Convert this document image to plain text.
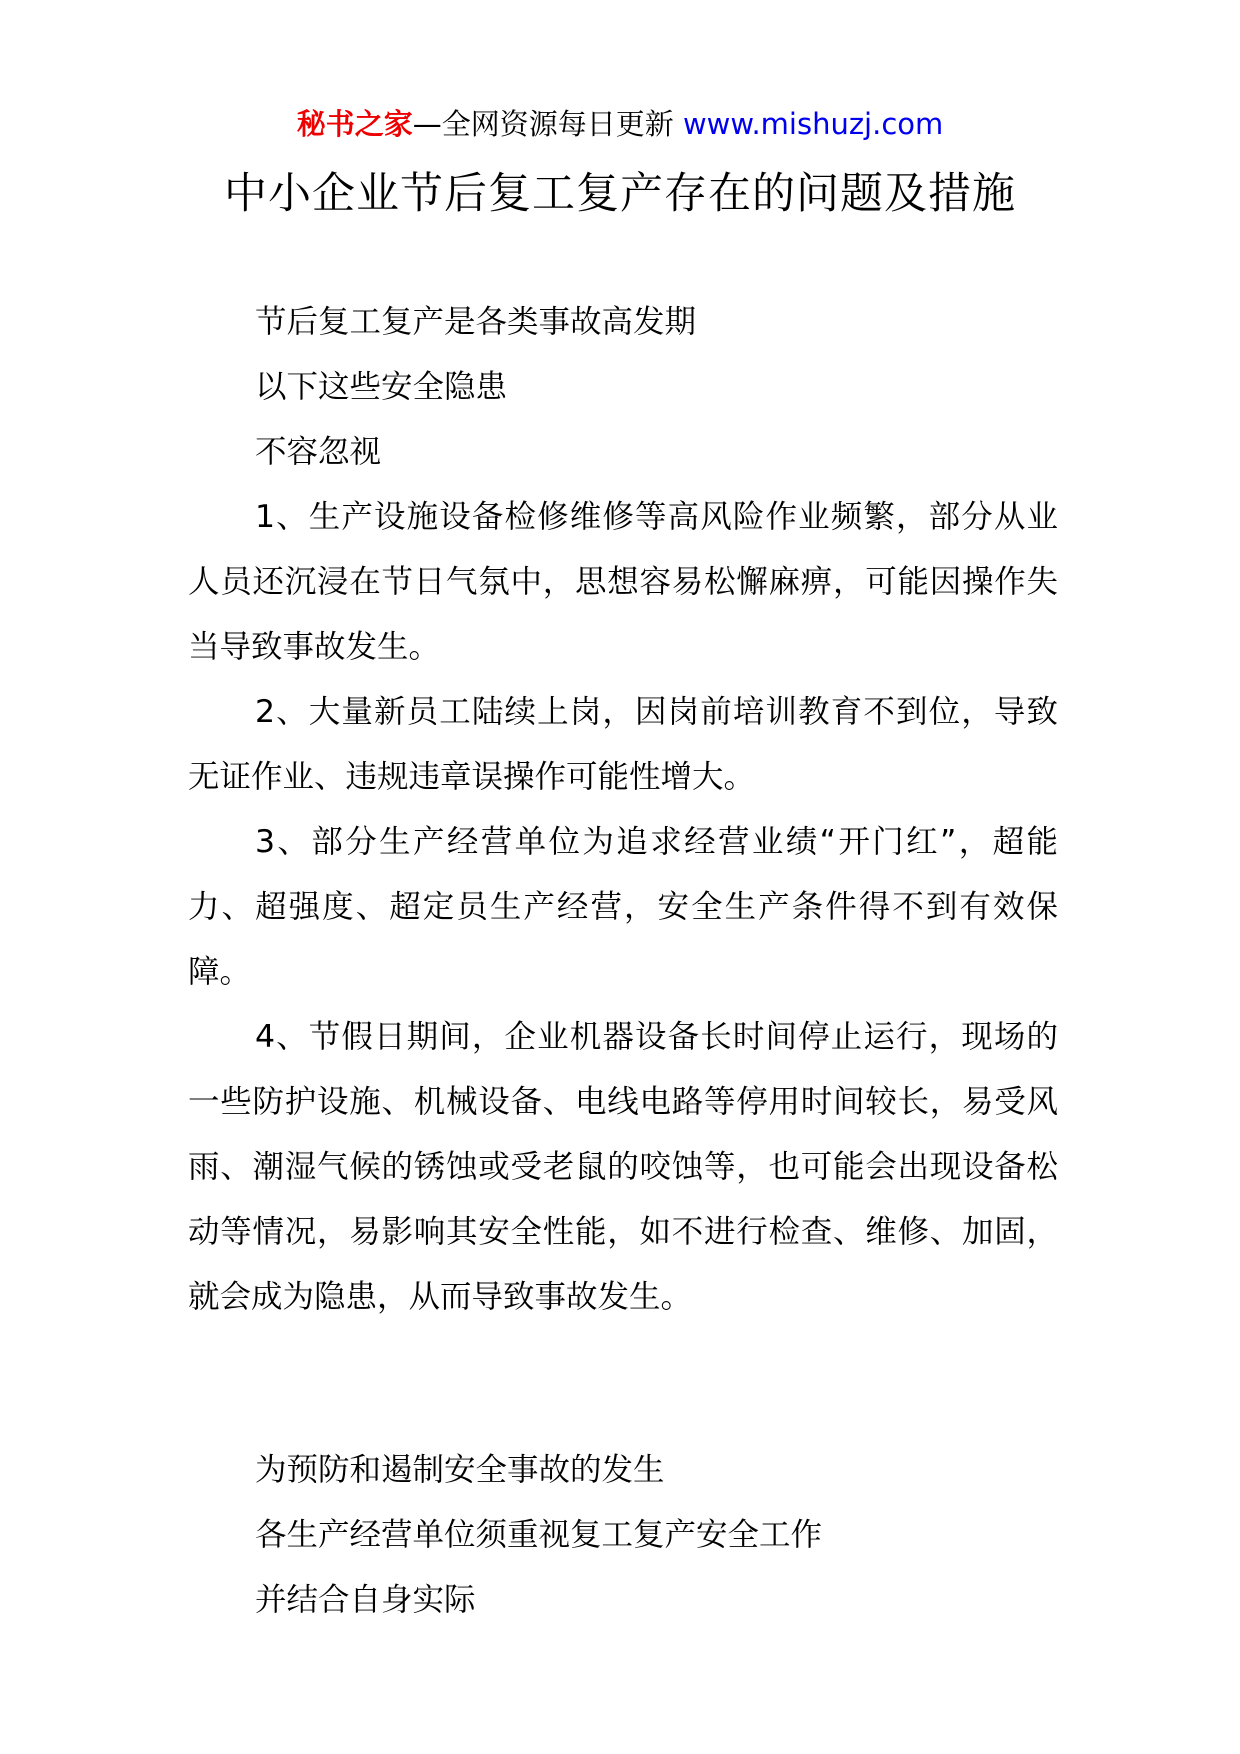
秘书之家—全网资源每日更新 www.mishuzj.com
中小企业节后复工复产存在的问题及措施

节后复工复产是各类事故高发期

以下这些安全隐患

不容忽视

1、生产设施设备检修维修等高风险作业频繁，部分从业人员还沉浸在节日气氛中，思想容易松懈麻痹，可能因操作失当导致事故发生。

2、大量新员工陆续上岗，因岗前培训教育不到位，导致无证作业、违规违章误操作可能性增大。

3、部分生产经营单位为追求经营业绩“开门红”，超能力、超强度、超定员生产经营，安全生产条件得不到有效保障。

4、节假日期间，企业机器设备长时间停止运行，现场的一些防护设施、机械设备、电线电路等停用时间较长，易受风雨、潮湿气候的锈蚀或受老鼠的咬蚀等，也可能会出现设备松动等情况，易影响其安全性能，如不进行检查、维修、加固，就会成为隐患，从而导致事故发生。

为预防和遏制安全事故的发生

各生产经营单位须重视复工复产安全工作

并结合自身实际
